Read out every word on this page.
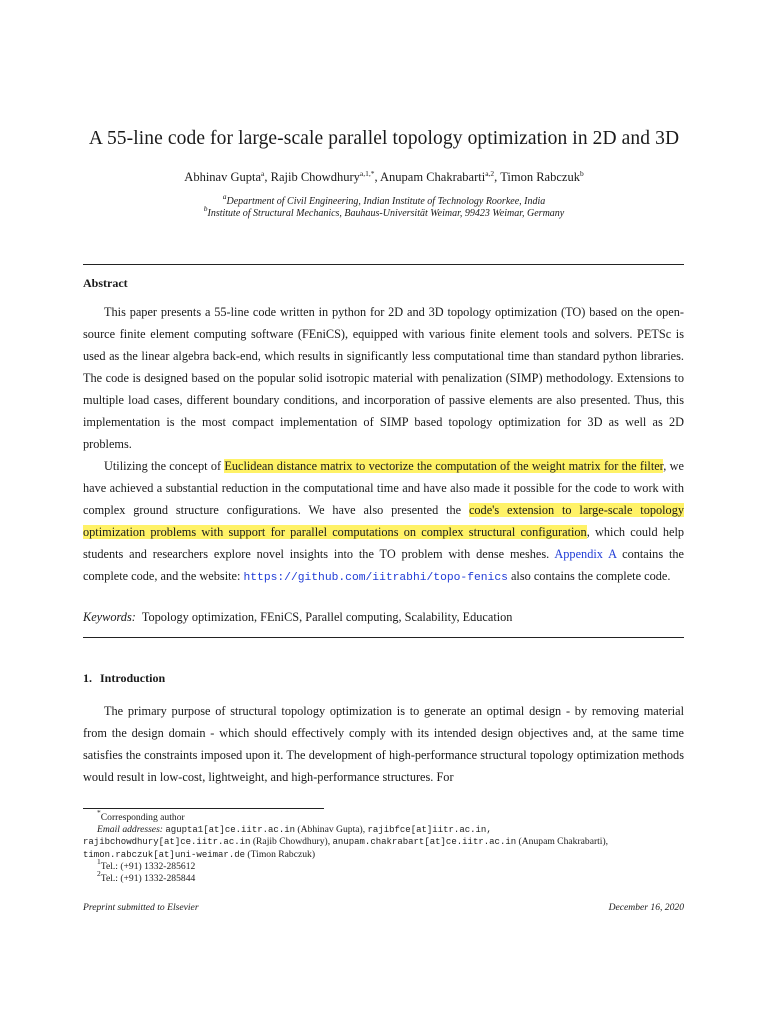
A 55-line code for large-scale parallel topology optimization in 2D and 3D
Abhinav Gupta$^a$, Rajib Chowdhury$^{a,1,*}$, Anupam Chakrabarti$^{a,2}$, Timon Rabczuk$^b$
$^a$Department of Civil Engineering, Indian Institute of Technology Roorkee, India
$^b$Institute of Structural Mechanics, Bauhaus-Universität Weimar, 99423 Weimar, Germany
Abstract

This paper presents a 55-line code written in python for 2D and 3D topology optimization (TO) based on the open-source finite element computing software (FEniCS), equipped with various finite element tools and solvers. PETSc is used as the linear algebra back-end, which results in significantly less computational time than standard python libraries. The code is designed based on the popular solid isotropic material with penalization (SIMP) methodology. Extensions to multiple load cases, different boundary conditions, and incorporation of passive elements are also presented. Thus, this implementation is the most compact implementation of SIMP based topology optimization for 3D as well as 2D problems.

Utilizing the concept of Euclidean distance matrix to vectorize the computation of the weight matrix for the filter, we have achieved a substantial reduction in the computational time and have also made it possible for the code to work with complex ground structure configurations. We have also presented the code's extension to large-scale topology optimization problems with support for parallel computations on complex structural configuration, which could help students and researchers explore novel insights into the TO problem with dense meshes. Appendix A contains the complete code, and the website: https://github.com/iitrabhi/topo-fenics also contains the complete code.

Keywords: Topology optimization, FEniCS, Parallel computing, Scalability, Education
1. Introduction

The primary purpose of structural topology optimization is to generate an optimal design - by removing material from the design domain - which should effectively comply with its intended design objectives and, at the same time satisfies the constraints imposed upon it. The development of high-performance structural topology optimization methods would result in low-cost, lightweight, and high-performance structures. For

*Corresponding author
Email addresses: agupta1[at]ce.iitr.ac.in (Abhinav Gupta), rajibfce[at]iitr.ac.in,
rajibchowdhury[at]ce.iitr.ac.in (Rajib Chowdhury), anupam.chakrabart[at]ce.iitr.ac.in (Anupam Chakrabarti),
timon.rabczuk[at]uni-weimar.de (Timon Rabczuk)
$^1$Tel.: (+91) 1332-285612
$^2$Tel.: (+91) 1332-285844
Preprint submitted to Elsevier	December 16, 2020
